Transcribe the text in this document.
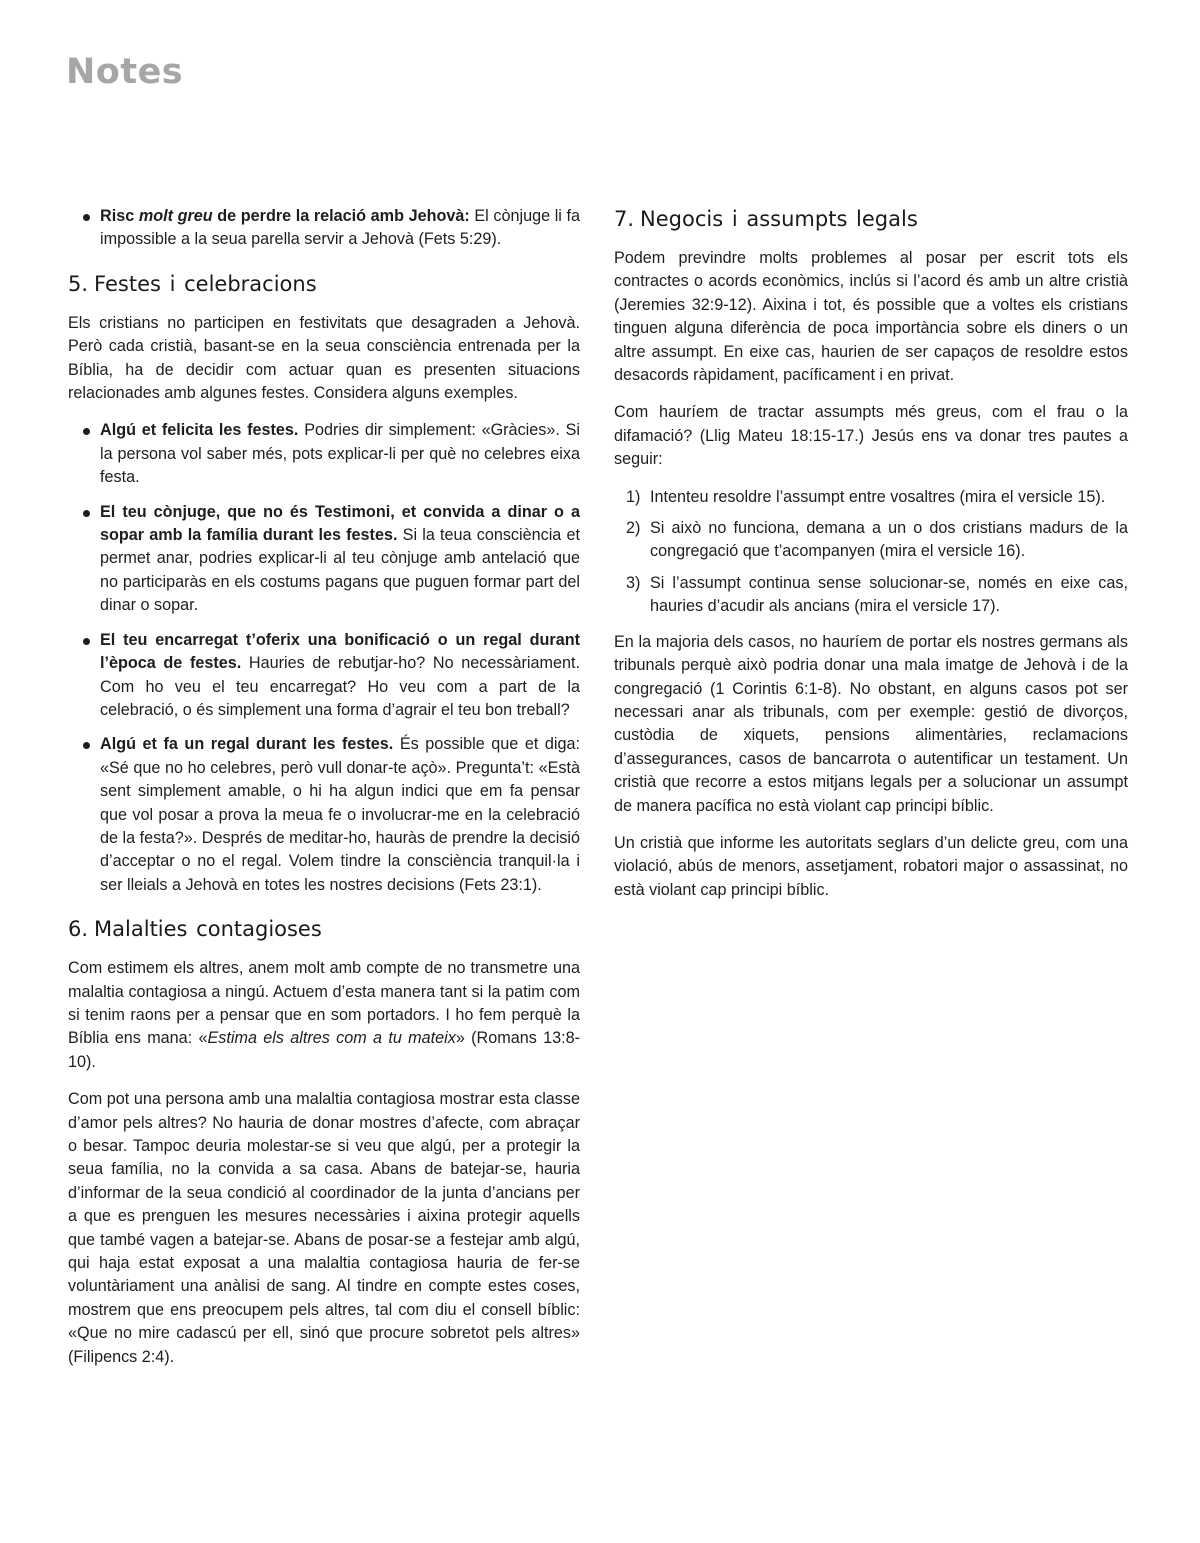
Notes
Risc molt greu de perdre la relació amb Jehovà: El cònjuge li fa impossible a la seua parella servir a Jehovà (Fets 5:29).
5. Festes i celebracions

Els cristians no participen en festivitats que desagraden a Jehovà. Però cada cristià, basant-se en la seua consciència entrenada per la Bíblia, ha de decidir com actuar quan es presenten situacions relacionades amb algunes festes. Considera alguns exemples.

Algú et felicita les festes. Podries dir simplement: «Gràcies». Si la persona vol saber més, pots explicar-li per què no celebres eixa festa.
El teu cònjuge, que no és Testimoni, et convida a dinar o a sopar amb la família durant les festes. Si la teua consciència et permet anar, podries explicar-li al teu cònjuge amb antelació que no participaràs en els costums pagans que puguen formar part del dinar o sopar.
El teu encarregat t’oferix una bonificació o un regal durant l’època de festes. Hauries de rebutjar-ho? No necessàriament. Com ho veu el teu encarregat? Ho veu com a part de la celebració, o és simplement una forma d’agrair el teu bon treball?
Algú et fa un regal durant les festes. És possible que et diga: «Sé que no ho celebres, però vull donar-te açò». Pregunta’t: «Està sent simplement amable, o hi ha algun indici que em fa pensar que vol posar a prova la meua fe o involucrar-me en la celebració de la festa?». Després de meditar-ho, hauràs de prendre la decisió d’acceptar o no el regal. Volem tindre la consciència tranquil·la i ser lleials a Jehovà en totes les nostres decisions (Fets 23:1).
6. Malalties contagioses

Com estimem els altres, anem molt amb compte de no transmetre una malaltia contagiosa a ningú. Actuem d’esta manera tant si la patim com si tenim raons per a pensar que en som portadors. I ho fem perquè la Bíblia ens mana: «Estima els altres com a tu mateix» (Romans 13:8-10).

Com pot una persona amb una malaltia contagiosa mostrar esta classe d’amor pels altres? No hauria de donar mostres d’afecte, com abraçar o besar. Tampoc deuria molestar-se si veu que algú, per a protegir la seua família, no la convida a sa casa. Abans de batejar-se, hauria d’informar de la seua condició al coordinador de la junta d’ancians per a que es prenguen les mesures necessàries i aixina protegir aquells que també vagen a batejar-se. Abans de posar-se a festejar amb algú, qui haja estat exposat a una malaltia contagiosa hauria de fer-se voluntàriament una anàlisi de sang. Al tindre en compte estes coses, mostrem que ens preocupem pels altres, tal com diu el consell bíblic: «Que no mire cadascú per ell, sinó que procure sobretot pels altres» (Filipencs 2:4).

7. Negocis i assumpts legals

Podem previndre molts problemes al posar per escrit tots els contractes o acords econòmics, inclús si l’acord és amb un altre cristià (Jeremies 32:9-12). Aixina i tot, és possible que a voltes els cristians tinguen alguna diferència de poca importància sobre els diners o un altre assumpt. En eixe cas, haurien de ser capaços de resoldre estos desacords ràpidament, pacíficament i en privat.

Com hauríem de tractar assumpts més greus, com el frau o la difamació? (Llig Mateu 18:15-17.) Jesús ens va donar tres pautes a seguir:

1) Intenteu resoldre l’assumpt entre vosaltres (mira el versicle 15).
2) Si això no funciona, demana a un o dos cristians madurs de la congregació que t’acompanyen (mira el versicle 16).
3) Si l’assumpt continua sense solucionar-se, només en eixe cas, hauries d’acudir als ancians (mira el versicle 17).

En la majoria dels casos, no hauríem de portar els nostres germans als tribunals perquè això podria donar una mala imatge de Jehovà i de la congregació (1 Corintis 6:1-8). No obstant, en alguns casos pot ser necessari anar als tribunals, com per exemple: gestió de divorços, custòdia de xiquets, pensions alimentàries, reclamacions d’assegurances, casos de bancarrota o autentificar un testament. Un cristià que recorre a estos mitjans legals per a solucionar un assumpt de manera pacífica no està violant cap principi bíblic.

Un cristià que informe les autoritats seglars d’un delicte greu, com una violació, abús de menors, assetjament, robatori major o assassinat, no està violant cap principi bíblic.
